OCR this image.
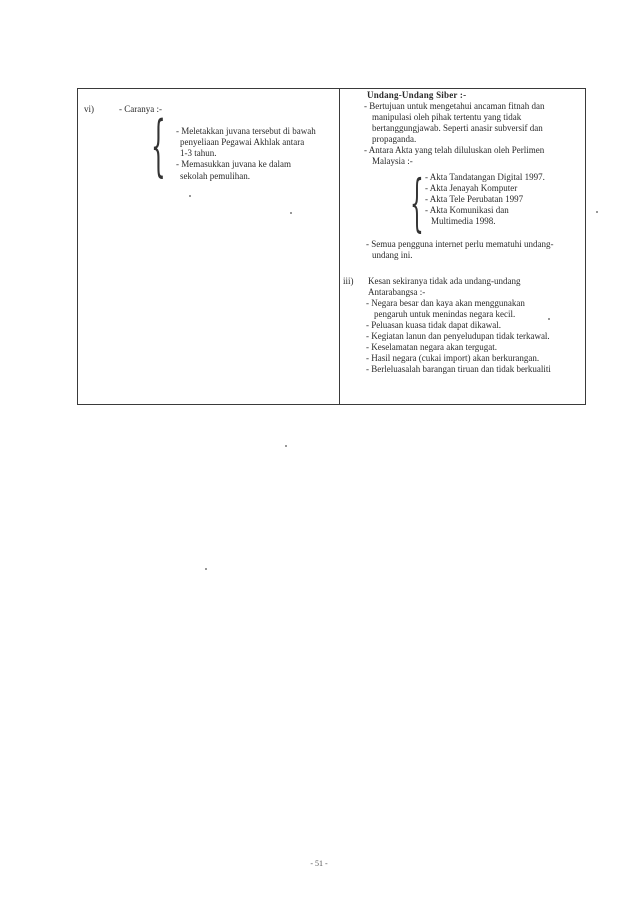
vi)	- Caranya :-
{ - Meletakkan juvana tersebut di bawah
penyeliaan Pegawai Akhlak antara
1-3 tahun.
- Memasukkan juvana ke dalam
sekolah pemulihan.
Undang-Undang Siber :-
- Bertujuan untuk mengetahui ancaman fitnah dan
manipulasi oleh pihak tertentu yang tidak
bertanggungjawab. Seperti anasir subversif dan
propaganda.
- Antara Akta yang telah diluluskan oleh Perlimen
Malaysia :-
{ - Akta Tandatangan Digital 1997.
- Akta Jenayah Komputer
- Akta Tele Perubatan 1997
- Akta Komunikasi dan
Multimedia 1998.
- Semua pengguna internet perlu mematuhi undang-
undang ini.
iii) Kesan sekiranya tidak ada undang-undang
Antarabangsa :-
- Negara besar dan kaya akan menggunakan
pengaruh untuk menindas negara kecil.
- Peluasan kuasa tidak dapat dikawal.
- Kegiatan lanun dan penyeludupan tidak terkawal.
- Keselamatan negara akan tergugat.
- Hasil negara (cukai import) akan berkurangan.
- Berleluasalah barangan tiruan dan tidak berkualiti
- 51 -
